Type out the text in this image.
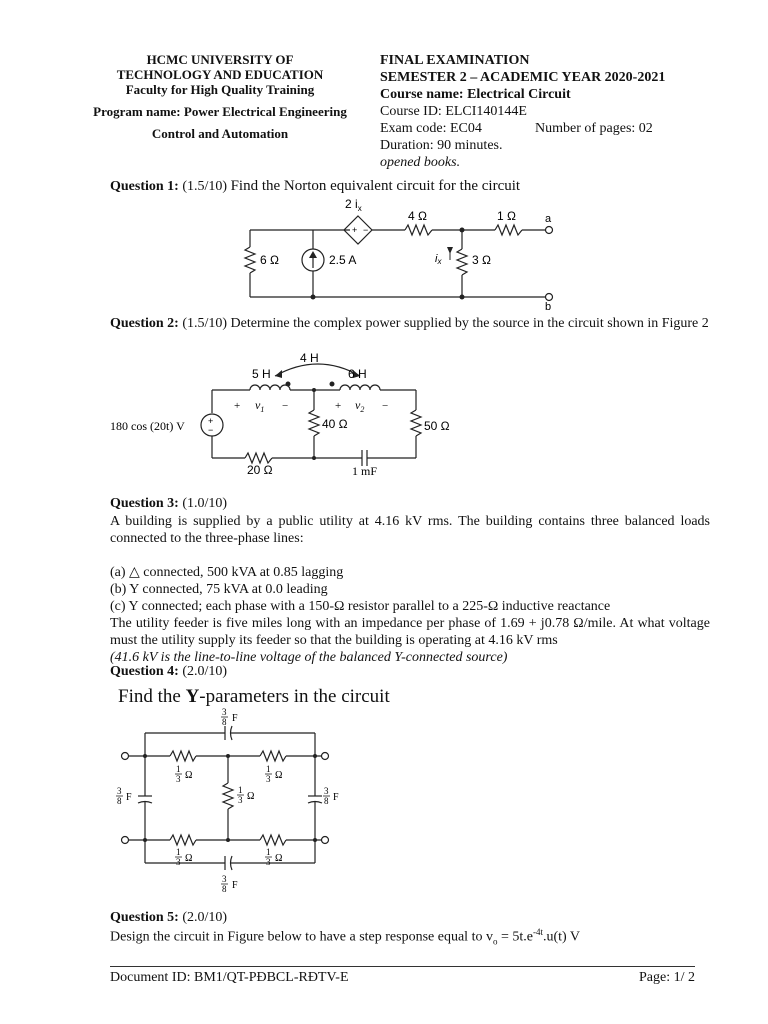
HCMC UNIVERSITY OF
TECHNOLOGY AND EDUCATION
Faculty for High Quality Training
Program name: Power Electrical Engineering
Control and Automation
FINAL EXAMINATION
SEMESTER 2 – ACADEMIC YEAR 2020-2021
Course name: Electrical Circuit
Course ID: ELCI140144E
Exam code: EC04	Number of pages: 02
Duration: 90 minutes.
opened books.
Question 1: (1.5/10) Find the Norton equivalent circuit for the circuit
+ −
2 $i_x$
4 Ω	1 Ω	a
b
6 Ω	2.5 A	ix	3 Ω
Question 2: (1.5/10) Determine the complex power supplied by the source in the circuit shown in Figure 2
+
−
4 H
5 H	6 H
+ $v_1$ −	+ $v_2$ −
180 cos (20t) V	40 Ω	50 Ω
20 Ω	1 mF
Question 3: (1.0/10)
A building is supplied by a public utility at 4.16 kV rms. The building contains three balanced loads connected to the three-phase lines:
(a) △ connected, 500 kVA at 0.85 lagging
(b) Y connected, 75 kVA at 0.0 leading
(c) Y connected; each phase with a 150-Ω resistor parallel to a 225-Ω inductive reactance
The utility feeder is five miles long with an impedance per phase of 1.69 + j0.78 Ω/mile. At what voltage must the utility supply its feeder so that the building is operating at 4.16 kV rms
(41.6 kV is the line-to-line voltage of the balanced Y-connected source)
Question 4: (2.0/10)
Find the Y-parameters in the circuit
3
8 F
1
3 Ω
1
3 Ω
1
3 Ω
3
8 F
3
8 F
1
3 Ω
1
3 Ω
3
8 F
Question 5: (2.0/10)
Design the circuit in Figure below to have a step response equal to $v_o = 5t.e^{-4t}.u(t)$ V
Document ID: BM1/QT-PĐBCL-RĐTV-E	Page: 1/ 2
